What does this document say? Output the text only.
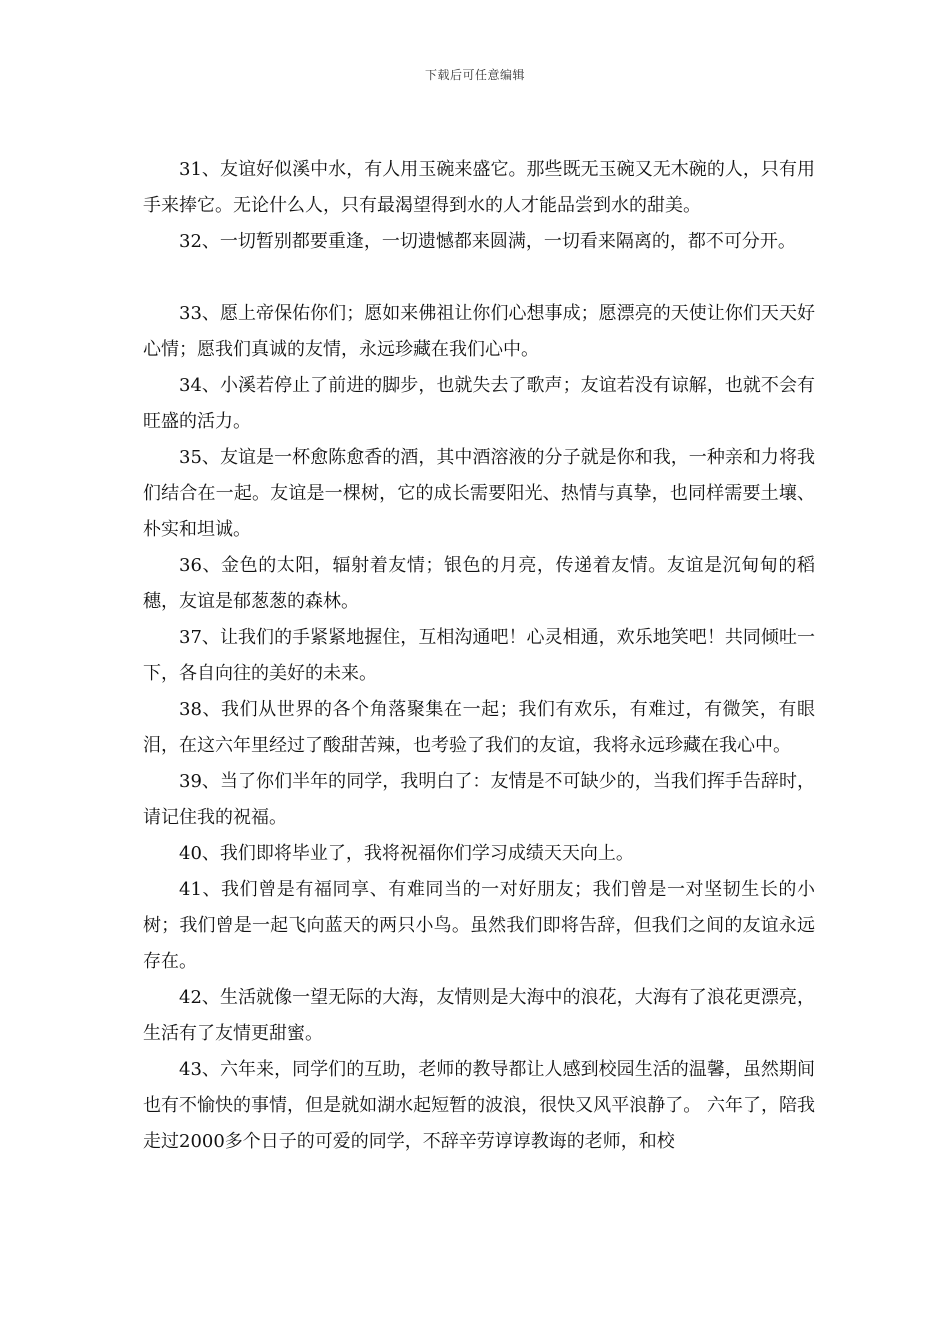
下载后可任意编辑

31、友谊好似溪中水，有人用玉碗来盛它。那些既无玉碗又无木碗的人，只有用手来捧它。无论什么人，只有最渴望得到水的人才能品尝到水的甜美。

32、一切暂别都要重逢，一切遗憾都来圆满，一切看来隔离的，都不可分开。

33、愿上帝保佑你们；愿如来佛祖让你们心想事成；愿漂亮的天使让你们天天好心情；愿我们真诚的友情，永远珍藏在我们心中。

34、小溪若停止了前进的脚步，也就失去了歌声；友谊若没有谅解，也就不会有旺盛的活力。

35、友谊是一杯愈陈愈香的酒，其中酒溶液的分子就是你和我，一种亲和力将我们结合在一起。友谊是一棵树，它的成长需要阳光、热情与真挚，也同样需要土壤、朴实和坦诚。

36、金色的太阳，辐射着友情；银色的月亮，传递着友情。友谊是沉甸甸的稻穗，友谊是郁葱葱的森林。

37、让我们的手紧紧地握住，互相沟通吧！心灵相通，欢乐地笑吧！共同倾吐一下，各自向往的美好的未来。

38、我们从世界的各个角落聚集在一起；我们有欢乐，有难过，有微笑，有眼泪，在这六年里经过了酸甜苦辣，也考验了我们的友谊，我将永远珍藏在我心中。

39、当了你们半年的同学，我明白了：友情是不可缺少的，当我们挥手告辞时，请记住我的祝福。

40、我们即将毕业了，我将祝福你们学习成绩天天向上。

41、我们曾是有福同享、有难同当的一对好朋友；我们曾是一对坚韧生长的小树；我们曾是一起飞向蓝天的两只小鸟。虽然我们即将告辞，但我们之间的友谊永远存在。

42、生活就像一望无际的大海，友情则是大海中的浪花，大海有了浪花更漂亮，生活有了友情更甜蜜。

43、六年来，同学们的互助，老师的教导都让人感到校园生活的温馨，虽然期间也有不愉快的事情，但是就如湖水起短暂的波浪，很快又风平浪静了。 六年了，陪我走过2000多个日子的可爱的同学，不辞辛劳谆谆教诲的老师，和校
